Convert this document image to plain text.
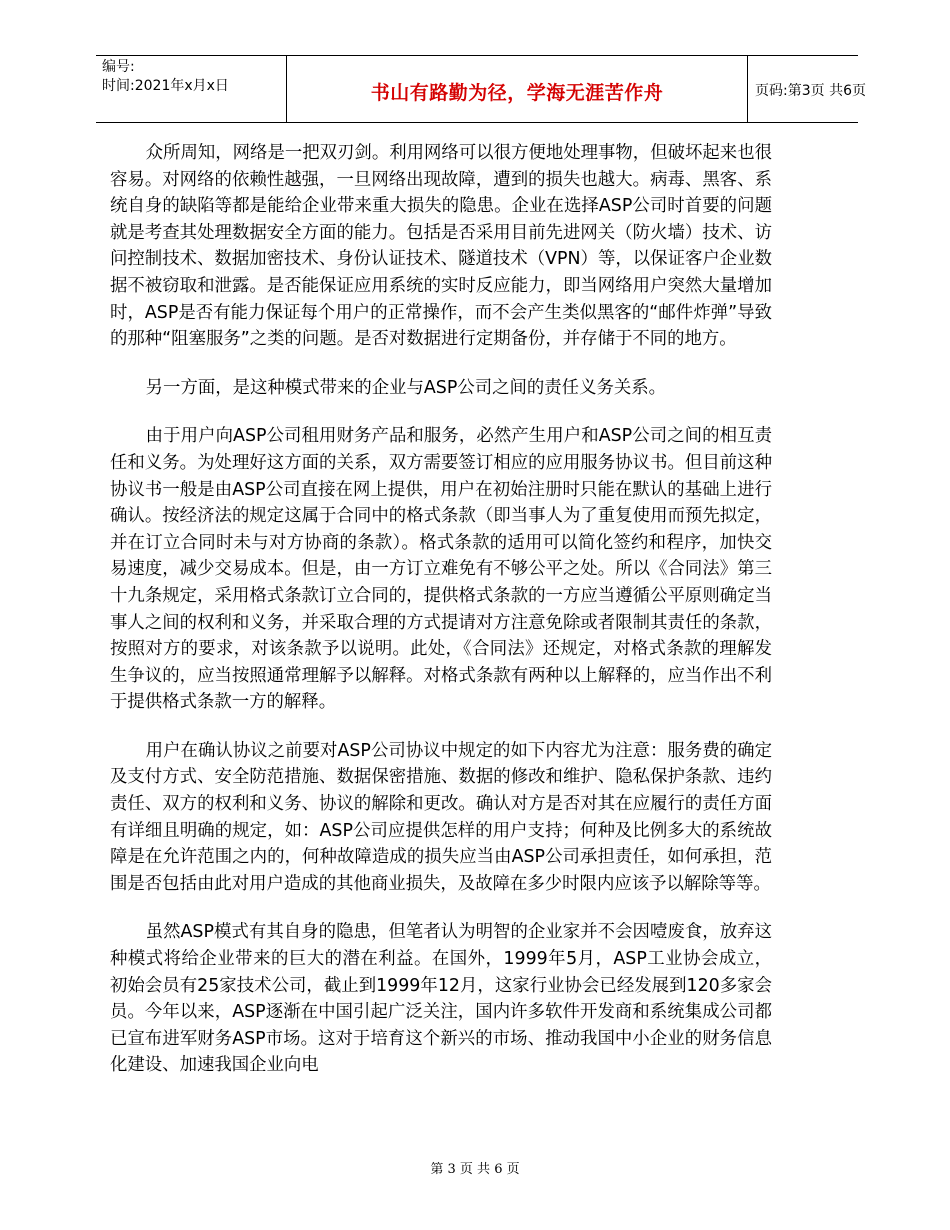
编号:
时间:2021年x月x日	书山有路勤为径，学海无涯苦作舟	页码:第3页 共6页

众所周知，网络是一把双刃剑。利用网络可以很方便地处理事物，但破坏起来也很容易。对网络的依赖性越强，一旦网络出现故障，遭到的损失也越大。病毒、黑客、系统自身的缺陷等都是能给企业带来重大损失的隐患。企业在选择ASP公司时首要的问题就是考查其处理数据安全方面的能力。包括是否采用目前先进网关（防火墙）技术、访问控制技术、数据加密技术、身份认证技术、隧道技术（VPN）等，以保证客户企业数据不被窃取和泄露。是否能保证应用系统的实时反应能力，即当网络用户突然大量增加时，ASP是否有能力保证每个用户的正常操作，而不会产生类似黑客的“邮件炸弹”导致的那种“阻塞服务”之类的问题。是否对数据进行定期备份，并存储于不同的地方。

另一方面，是这种模式带来的企业与ASP公司之间的责任义务关系。

由于用户向ASP公司租用财务产品和服务，必然产生用户和ASP公司之间的相互责任和义务。为处理好这方面的关系，双方需要签订相应的应用服务协议书。但目前这种协议书一般是由ASP公司直接在网上提供，用户在初始注册时只能在默认的基础上进行确认。按经济法的规定这属于合同中的格式条款（即当事人为了重复使用而预先拟定，并在订立合同时未与对方协商的条款）。格式条款的适用可以简化签约和程序，加快交易速度，减少交易成本。但是，由一方订立难免有不够公平之处。所以《合同法》第三十九条规定，采用格式条款订立合同的，提供格式条款的一方应当遵循公平原则确定当事人之间的权利和义务，并采取合理的方式提请对方注意免除或者限制其责任的条款，按照对方的要求，对该条款予以说明。此处，《合同法》还规定，对格式条款的理解发生争议的，应当按照通常理解予以解释。对格式条款有两种以上解释的，应当作出不利于提供格式条款一方的解释。

用户在确认协议之前要对ASP公司协议中规定的如下内容尤为注意：服务费的确定及支付方式、安全防范措施、数据保密措施、数据的修改和维护、隐私保护条款、违约责任、双方的权利和义务、协议的解除和更改。确认对方是否对其在应履行的责任方面有详细且明确的规定，如：ASP公司应提供怎样的用户支持；何种及比例多大的系统故障是在允许范围之内的，何种故障造成的损失应当由ASP公司承担责任，如何承担，范围是否包括由此对用户造成的其他商业损失，及故障在多少时限内应该予以解除等等。

虽然ASP模式有其自身的隐患，但笔者认为明智的企业家并不会因噎废食，放弃这种模式将给企业带来的巨大的潜在利益。在国外，1999年5月，ASP工业协会成立，初始会员有25家技术公司，截止到1999年12月，这家行业协会已经发展到120多家会员。今年以来，ASP逐渐在中国引起广泛关注，国内许多软件开发商和系统集成公司都已宣布进军财务ASP市场。这对于培育这个新兴的市场、推动我国中小企业的财务信息化建设、加速我国企业向电

第 3 页 共 6 页
